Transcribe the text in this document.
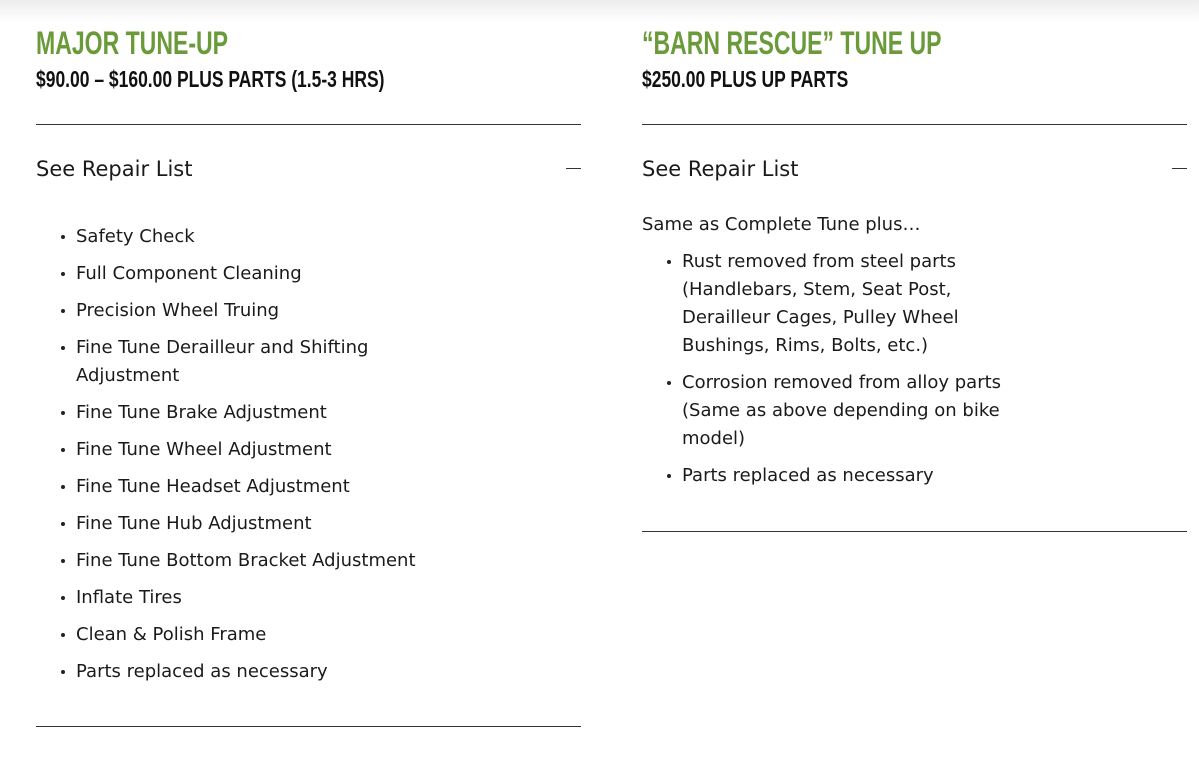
MAJOR TUNE-UP
$90.00 – $160.00 PLUS PARTS (1.5-3 HRS)
See Repair List
Safety Check
Full Component Cleaning
Precision Wheel Truing
Fine Tune Derailleur and Shifting Adjustment
Fine Tune Brake Adjustment
Fine Tune Wheel Adjustment
Fine Tune Headset Adjustment
Fine Tune Hub Adjustment
Fine Tune Bottom Bracket Adjustment
Inflate Tires
Clean & Polish Frame
Parts replaced as necessary
“BARN RESCUE” TUNE UP
$250.00 PLUS UP PARTS
See Repair List

Same as Complete Tune plus…

Rust removed from steel parts (Handlebars, Stem, Seat Post, Derailleur Cages, Pulley Wheel Bushings, Rims, Bolts, etc.)
Corrosion removed from alloy parts (Same as above depending on bike model)
Parts replaced as necessary
